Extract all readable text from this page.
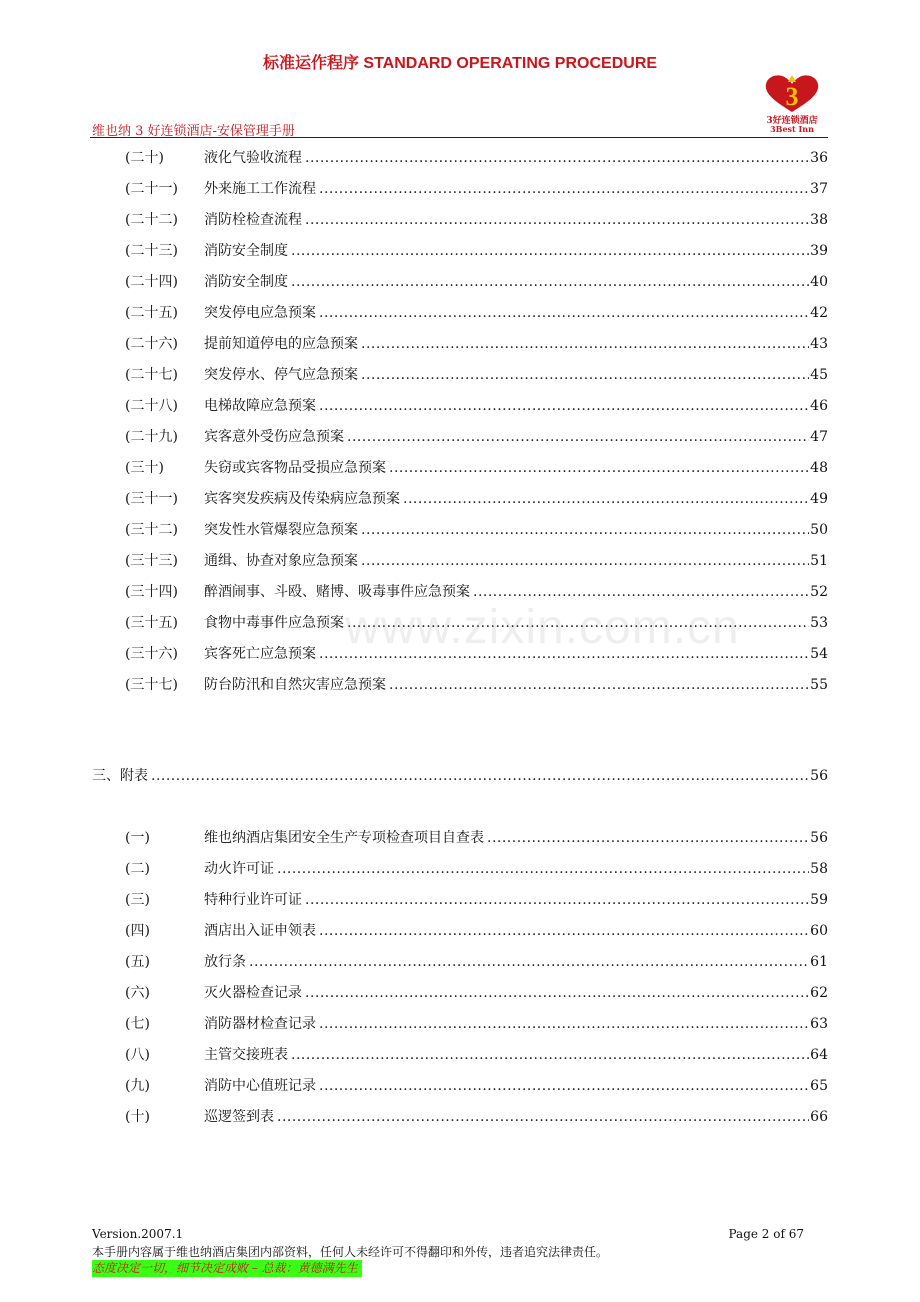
标准运作程序 STANDARD OPERATING PROCEDURE
维也纳 3 好连锁酒店-安保管理手册
3
3好连锁酒店
3Best Inn
(二十)	液化气验收流程 .....	36
(二十一) 外来施工工作流程 .....	37
(二十二) 消防栓检查流程 .....	38
(二十三) 消防安全制度 .....	39
(二十四) 消防安全制度 .....	40
(二十五) 突发停电应急预案 .....	42
(二十六) 提前知道停电的应急预案 .....	43
(二十七) 突发停水、停气应急预案 .....	45
(二十八) 电梯故障应急预案 .....	46
(二十九) 宾客意外受伤应急预案 .....	47
(三十)	失窃或宾客物品受损应急预案 .....	48
(三十一) 宾客突发疾病及传染病应急预案 .....	49
(三十二) 突发性水管爆裂应急预案 .....	50
(三十三) 通缉、协查对象应急预案 .....	51
(三十四) 醉酒闹事、斗殴、赌博、吸毒事件应急预案 .....	52
(三十五) 食物中毒事件应急预案 .....	53
(三十六) 宾客死亡应急预案 .....	54
(三十七) 防台防汛和自然灾害应急预案 .....	55
三、附表 .....	56
(一)	维也纳酒店集团安全生产专项检查项目自查表 .....	56
(二)	动火许可证 .....	58
(三)	特种行业许可证 .....	59
(四)	酒店出入证申领表 .....	60
(五)	放行条 .....	61
(六)	灭火器检查记录 .....	62
(七)	消防器材检查记录 .....	63
(八)	主管交接班表 .....	64
(九)	消防中心值班记录 .....	65
(十)	巡逻签到表 .....	66
www.zixin.com.cn
Version.2007.1	Page 2 of 67
本手册内容属于维也纳酒店集团内部资料，任何人未经许可不得翻印和外传，违者追究法律责任。
态度决定一切，细节决定成败 – 总裁：黄德满先生
